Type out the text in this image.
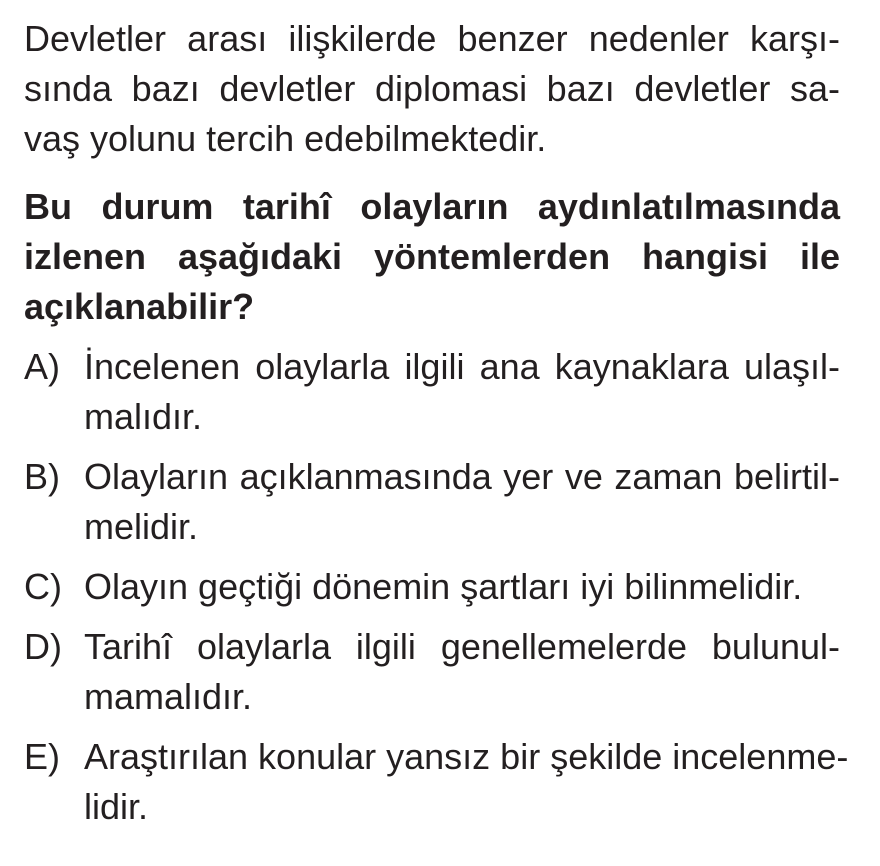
Devletler arası ilişkilerde benzer nedenler karşı-
sında bazı devletler diplomasi bazı devletler sa-
vaş yolunu tercih edebilmektedir.
Bu durum tarihî olayların aydınlatılmasında
izlenen aşağıdaki yöntemlerden hangisi ile
açıklanabilir?
A) İncelenen olaylarla ilgili ana kaynaklara ulaşıl-
malıdır.
B) Olayların açıklanmasında yer ve zaman belirtil-
melidir.
C) Olayın geçtiği dönemin şartları iyi bilinmelidir.
D) Tarihî olaylarla ilgili genellemelerde bulunul-
mamalıdır.
E) Araştırılan konular yansız bir şekilde incelenme-
lidir.
